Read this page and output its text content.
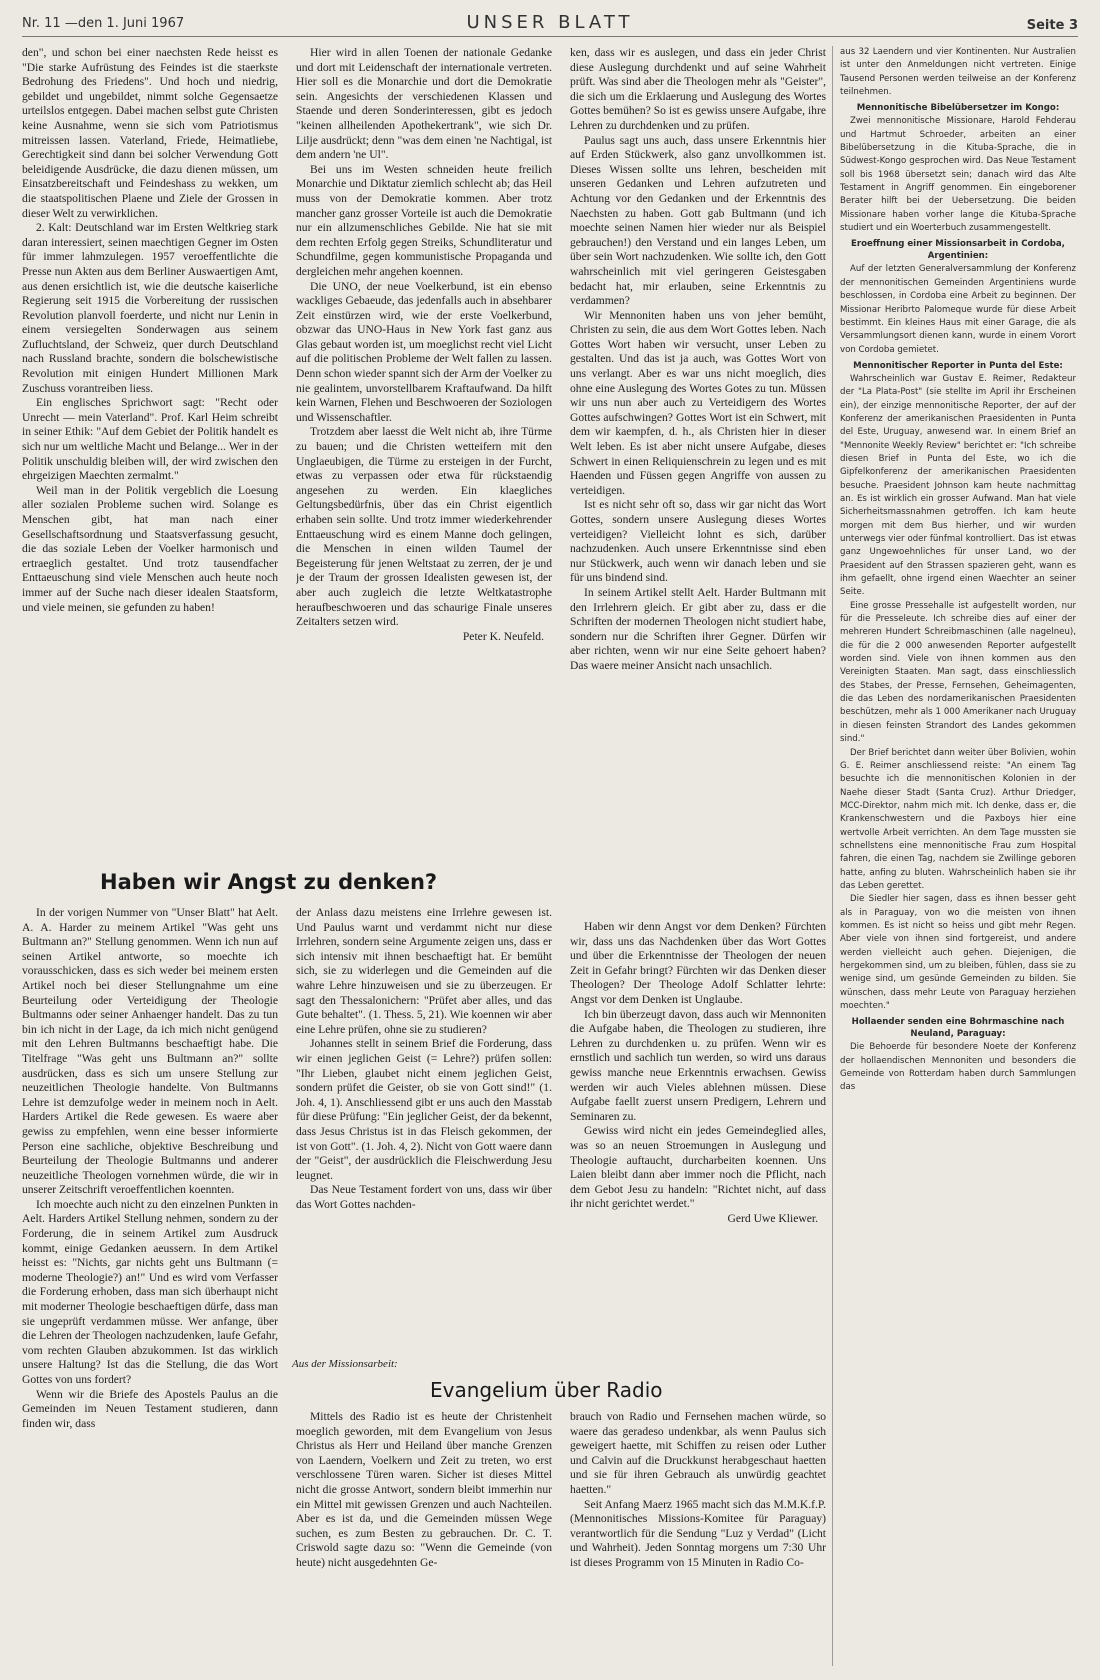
Nr. 11 —den 1. Juni 1967	UNSER BLATT	Seite 3

den", und schon bei einer naechsten Rede heisst es "Die starke Aufrüstung des Feindes ist die staerkste Bedrohung des Friedens". Und hoch und niedrig, gebildet und ungebildet, nimmt solche Gegensaetze urteilslos entgegen. Dabei machen selbst gute Christen keine Ausnahme, wenn sie sich vom Patriotismus mitreissen lassen. Vaterland, Friede, Heimatliebe, Gerechtigkeit sind dann bei solcher Verwendung Gott beleidigende Ausdrücke, die dazu dienen müssen, um Einsatzbereitschaft und Feindeshass zu wekken, um die staatspolitischen Plaene und Ziele der Grossen in dieser Welt zu verwirklichen.

2. Kalt: Deutschland war im Ersten Weltkrieg stark daran interessiert, seinen maechtigen Gegner im Osten für immer lahmzulegen. 1957 veroeffentlichte die Presse nun Akten aus dem Berliner Auswaertigen Amt, aus denen ersichtlich ist, wie die deutsche kaiserliche Regierung seit 1915 die Vorbereitung der russischen Revolution planvoll foerderte, und nicht nur Lenin in einem versiegelten Sonderwagen aus seinem Zufluchtsland, der Schweiz, quer durch Deutschland nach Russland brachte, sondern die bolschewistische Revolution mit einigen Hundert Millionen Mark Zuschuss vorantreiben liess.

Ein englisches Sprichwort sagt: "Recht oder Unrecht — mein Vaterland". Prof. Karl Heim schreibt in seiner Ethik: "Auf dem Gebiet der Politik handelt es sich nur um weltliche Macht und Belange... Wer in der Politik unschuldig bleiben will, der wird zwischen den ehrgeizigen Maechten zermalmt."

Weil man in der Politik vergeblich die Loesung aller sozialen Probleme suchen wird. Solange es Menschen gibt, hat man nach einer Gesellschaftsordnung und Staatsverfassung gesucht, die das soziale Leben der Voelker harmonisch und ertraeglich gestaltet. Und trotz tausendfacher Enttaeuschung sind viele Menschen auch heute noch immer auf der Suche nach dieser idealen Staatsform, und viele meinen, sie gefunden zu haben!

Hier wird in allen Toenen der nationale Gedanke und dort mit Leidenschaft der internationale vertreten. Hier soll es die Monarchie und dort die Demokratie sein. Angesichts der verschiedenen Klassen und Staende und deren Sonderinteressen, gibt es jedoch "keinen allheilenden Apothekertrank", wie sich Dr. Lilje ausdrückt; denn "was dem einen 'ne Nachtigal, ist dem andern 'ne Ul".

Bei uns im Westen schneiden heute freilich Monarchie und Diktatur ziemlich schlecht ab; das Heil muss von der Demokratie kommen. Aber trotz mancher ganz grosser Vorteile ist auch die Demokratie nur ein allzumenschliches Gebilde. Nie hat sie mit dem rechten Erfolg gegen Streiks, Schundliteratur und Schundfilme, gegen kommunistische Propaganda und dergleichen mehr angehen koennen.

Die UNO, der neue Voelkerbund, ist ein ebenso wackliges Gebaeude, das jedenfalls auch in absehbarer Zeit einstürzen wird, wie der erste Voelkerbund, obzwar das UNO-Haus in New York fast ganz aus Glas gebaut worden ist, um moeglichst recht viel Licht auf die politischen Probleme der Welt fallen zu lassen. Denn schon wieder spannt sich der Arm der Voelker zu nie gealintem, unvorstellbarem Kraftaufwand. Da hilft kein Warnen, Flehen und Beschwoeren der Soziologen und Wissenschaftler.

Trotzdem aber laesst die Welt nicht ab, ihre Türme zu bauen; und die Christen wetteifern mit den Unglaeubigen, die Türme zu ersteigen in der Furcht, etwas zu verpassen oder etwa für rückstaendig angesehen zu werden. Ein klaegliches Geltungsbedürfnis, über das ein Christ eigentlich erhaben sein sollte. Und trotz immer wiederkehrender Enttaeuschung wird es einem Manne doch gelingen, die Menschen in einen wilden Taumel der Begeisterung für jenen Weltstaat zu zerren, der je und je der Traum der grossen Idealisten gewesen ist, der aber auch zugleich die letzte Weltkatastrophe heraufbeschwoeren und das schaurige Finale unseres Zeitalters setzen wird.

Peter K. Neufeld.

ken, dass wir es auslegen, und dass ein jeder Christ diese Auslegung durchdenkt und auf seine Wahrheit prüft. Was sind aber die Theologen mehr als "Geister", die sich um die Erklaerung und Auslegung des Wortes Gottes bemühen? So ist es gewiss unsere Aufgabe, ihre Lehren zu durchdenken und zu prüfen.

Paulus sagt uns auch, dass unsere Erkenntnis hier auf Erden Stückwerk, also ganz unvollkommen ist. Dieses Wissen sollte uns lehren, bescheiden mit unseren Gedanken und Lehren aufzutreten und Achtung vor den Gedanken und der Erkenntnis des Naechsten zu haben. Gott gab Bultmann (und ich moechte seinen Namen hier wieder nur als Beispiel gebrauchen!) den Verstand und ein langes Leben, um über sein Wort nachzudenken. Wie sollte ich, den Gott wahrscheinlich mit viel geringeren Geistesgaben bedacht hat, mir erlauben, seine Erkenntnis zu verdammen?

Wir Mennoniten haben uns von jeher bemüht, Christen zu sein, die aus dem Wort Gottes leben. Nach Gottes Wort haben wir versucht, unser Leben zu gestalten. Und das ist ja auch, was Gottes Wort von uns verlangt. Aber es war uns nicht moeglich, dies ohne eine Auslegung des Wortes Gotes zu tun. Müssen wir uns nun aber auch zu Verteidigern des Wortes Gottes aufschwingen? Gottes Wort ist ein Schwert, mit dem wir kaempfen, d. h., als Christen hier in dieser Welt leben. Es ist aber nicht unsere Aufgabe, dieses Schwert in einen Reliquienschrein zu legen und es mit Haenden und Füssen gegen Angriffe von aussen zu verteidigen.

Ist es nicht sehr oft so, dass wir gar nicht das Wort Gottes, sondern unsere Auslegung dieses Wortes verteidigen? Vielleicht lohnt es sich, darüber nachzudenken. Auch unsere Erkenntnisse sind eben nur Stückwerk, auch wenn wir danach leben und sie für uns bindend sind.

In seinem Artikel stellt Aelt. Harder Bultmann mit den Irrlehrern gleich. Er gibt aber zu, dass er die Schriften der modernen Theologen nicht studiert habe, sondern nur die Schriften ihrer Gegner. Dürfen wir aber richten, wenn wir nur eine Seite gehoert haben? Das waere meiner Ansicht nach unsachlich.

Haben wir Angst zu denken?

In der vorigen Nummer von "Unser Blatt" hat Aelt. A. A. Harder zu meinem Artikel "Was geht uns Bultmann an?" Stellung genommen. Wenn ich nun auf seinen Artikel antworte, so moechte ich vorausschicken, dass es sich weder bei meinem ersten Artikel noch bei dieser Stellungnahme um eine Beurteilung oder Verteidigung der Theologie Bultmanns oder seiner Anhaenger handelt. Das zu tun bin ich nicht in der Lage, da ich mich nicht genügend mit den Lehren Bultmanns beschaeftigt habe. Die Titelfrage "Was geht uns Bultmann an?" sollte ausdrücken, dass es sich um unsere Stellung zur neuzeitlichen Theologie handelte. Von Bultmanns Lehre ist demzufolge weder in meinem noch in Aelt. Harders Artikel die Rede gewesen. Es waere aber gewiss zu empfehlen, wenn eine besser informierte Person eine sachliche, objektive Beschreibung und Beurteilung der Theologie Bultmanns und anderer neuzeitliche Theologen vornehmen würde, die wir in unserer Zeitschrift veroeffentlichen koennten.

Ich moechte auch nicht zu den einzelnen Punkten in Aelt. Harders Artikel Stellung nehmen, sondern zu der Forderung, die in seinem Artikel zum Ausdruck kommt, einige Gedanken aeussern. In dem Artikel heisst es: "Nichts, gar nichts geht uns Bultmann (= moderne Theologie?) an!" Und es wird vom Verfasser die Forderung erhoben, dass man sich überhaupt nicht mit moderner Theologie beschaeftigen dürfe, dass man sie ungeprüft verdammen müsse. Wer anfange, über die Lehren der Theologen nachzudenken, laufe Gefahr, vom rechten Glauben abzukommen. Ist das wirklich unsere Haltung? Ist das die Stellung, die das Wort Gottes von uns fordert?

Wenn wir die Briefe des Apostels Paulus an die Gemeinden im Neuen Testament studieren, dann finden wir, dass

der Anlass dazu meistens eine Irrlehre gewesen ist. Und Paulus warnt und verdammt nicht nur diese Irrlehren, sondern seine Argumente zeigen uns, dass er sich intensiv mit ihnen beschaeftigt hat. Er bemüht sich, sie zu widerlegen und die Gemeinden auf die wahre Lehre hinzuweisen und sie zu überzeugen. Er sagt den Thessalonichern: "Prüfet aber alles, und das Gute behaltet". (1. Thess. 5, 21). Wie koennen wir aber eine Lehre prüfen, ohne sie zu studieren?

Johannes stellt in seinem Brief die Forderung, dass wir einen jeglichen Geist (= Lehre?) prüfen sollen: "Ihr Lieben, glaubet nicht einem jeglichen Geist, sondern prüfet die Geister, ob sie von Gott sind!" (1. Joh. 4, 1). Anschliessend gibt er uns auch den Masstab für diese Prüfung: "Ein jeglicher Geist, der da bekennt, dass Jesus Christus ist in das Fleisch gekommen, der ist von Gott". (1. Joh. 4, 2). Nicht von Gott waere dann der "Geist", der ausdrücklich die Fleischwerdung Jesu leugnet.

Das Neue Testament fordert von uns, dass wir über das Wort Gottes nachden-

Haben wir denn Angst vor dem Denken? Fürchten wir, dass uns das Nachdenken über das Wort Gottes und über die Erkenntnisse der Theologen der neuen Zeit in Gefahr bringt? Fürchten wir das Denken dieser Theologen? Der Theologe Adolf Schlatter lehrte: Angst vor dem Denken ist Unglaube.

Ich bin überzeugt davon, dass auch wir Mennoniten die Aufgabe haben, die Theologen zu studieren, ihre Lehren zu durchdenken u. zu prüfen. Wenn wir es ernstlich und sachlich tun werden, so wird uns daraus gewiss manche neue Erkenntnis erwachsen. Gewiss werden wir auch Vieles ablehnen müssen. Diese Aufgabe faellt zuerst unsern Predigern, Lehrern und Seminaren zu.

Gewiss wird nicht ein jedes Gemeindeglied alles, was so an neuen Stroemungen in Auslegung und Theologie auftaucht, durcharbeiten koennen. Uns Laien bleibt dann aber immer noch die Pflicht, nach dem Gebot Jesu zu handeln: "Richtet nicht, auf dass ihr nicht gerichtet werdet."

Gerd Uwe Kliewer.

Aus der Missionsarbeit:
Evangelium über Radio

Mittels des Radio ist es heute der Christenheit moeglich geworden, mit dem Evangelium von Jesus Christus als Herr und Heiland über manche Grenzen von Laendern, Voelkern und Zeit zu treten, wo erst verschlossene Türen waren. Sicher ist dieses Mittel nicht die grosse Antwort, sondern bleibt immerhin nur ein Mittel mit gewissen Grenzen und auch Nachteilen. Aber es ist da, und die Gemeinden müssen Wege suchen, es zum Besten zu gebrauchen. Dr. C. T. Criswold sagte dazu so: "Wenn die Gemeinde (von heute) nicht ausgedehnten Ge-

brauch von Radio und Fernsehen machen würde, so waere das geradeso undenkbar, als wenn Paulus sich geweigert haette, mit Schiffen zu reisen oder Luther und Calvin auf die Druckkunst herabgeschaut haetten und sie für ihren Gebrauch als unwürdig geachtet haetten."

Seit Anfang Maerz 1965 macht sich das M.M.K.f.P. (Mennonitisches Missions-Komitee für Paraguay) verantwortlich für die Sendung "Luz y Verdad" (Licht und Wahrheit). Jeden Sonntag morgens um 7:30 Uhr ist dieses Programm von 15 Minuten in Radio Co-

aus 32 Laendern und vier Kontinenten. Nur Australien ist unter den Anmeldungen nicht vertreten. Einige Tausend Personen werden teilweise an der Konferenz teilnehmen.

Mennonitische Bibelübersetzer im Kongo:

Zwei mennonitische Missionare, Harold Fehderau und Hartmut Schroeder, arbeiten an einer Bibelübersetzung in die Kituba-Sprache, die in Südwest-Kongo gesprochen wird. Das Neue Testament soll bis 1968 übersetzt sein; danach wird das Alte Testament in Angriff genommen. Ein eingeborener Berater hilft bei der Uebersetzung. Die beiden Missionare haben vorher lange die Kituba-Sprache studiert und ein Woerterbuch zusammengestellt.

Eroeffnung einer Missionsarbeit in Cordoba, Argentinien:

Auf der letzten Generalversammlung der Konferenz der mennonitischen Gemeinden Argentiniens wurde beschlossen, in Cordoba eine Arbeit zu beginnen. Der Missionar Heribrto Palomeque wurde für diese Arbeit bestimmt. Ein kleines Haus mit einer Garage, die als Versammlungsort dienen kann, wurde in einem Vorort von Cordoba gemietet.

Mennonitischer Reporter in Punta del Este:

Wahrscheinlich war Gustav E. Reimer, Redakteur der "La Plata-Post" (sie stellte im April ihr Erscheinen ein), der einzige mennonitische Reporter, der auf der Konferenz der amerikanischen Praesidenten in Punta del Este, Uruguay, anwesend war. In einem Brief an "Mennonite Weekly Review" berichtet er: "Ich schreibe diesen Brief in Punta del Este, wo ich die Gipfelkonferenz der amerikanischen Praesidenten besuche. Praesident Johnson kam heute nachmittag an. Es ist wirklich ein grosser Aufwand. Man hat viele Sicherheitsmassnahmen getroffen. Ich kam heute morgen mit dem Bus hierher, und wir wurden unterwegs vier oder fünfmal kontrolliert. Das ist etwas ganz Ungewoehnliches für unser Land, wo der Praesident auf den Strassen spazieren geht, wann es ihm gefaellt, ohne irgend einen Waechter an seiner Seite.

Eine grosse Pressehalle ist aufgestellt worden, nur für die Presseleute. Ich schreibe dies auf einer der mehreren Hundert Schreibmaschinen (alle nagelneu), die für die 2 000 anwesenden Reporter aufgestellt worden sind. Viele von ihnen kommen aus den Vereinigten Staaten. Man sagt, dass einschliesslich des Stabes, der Presse, Fernsehen, Geheimagenten, die das Leben des nordamerikanischen Praesidenten beschützen, mehr als 1 000 Amerikaner nach Uruguay in diesen feinsten Strandort des Landes gekommen sind."

Der Brief berichtet dann weiter über Bolivien, wohin G. E. Reimer anschliessend reiste: "An einem Tag besuchte ich die mennonitischen Kolonien in der Naehe dieser Stadt (Santa Cruz). Arthur Driedger, MCC-Direktor, nahm mich mit. Ich denke, dass er, die Krankenschwestern und die Paxboys hier eine wertvolle Arbeit verrichten. An dem Tage mussten sie schnellstens eine mennonitische Frau zum Hospital fahren, die einen Tag, nachdem sie Zwillinge geboren hatte, anfing zu bluten. Wahrscheinlich haben sie ihr das Leben gerettet.

Die Siedler hier sagen, dass es ihnen besser geht als in Paraguay, von wo die meisten von ihnen kommen. Es ist nicht so heiss und gibt mehr Regen. Aber viele von ihnen sind fortgereist, und andere werden vielleicht auch gehen. Diejenigen, die hergekommen sind, um zu bleiben, fühlen, dass sie zu wenige sind, um gesünde Gemeinden zu bilden. Sie wünschen, dass mehr Leute von Paraguay herziehen moechten."

Hollaender senden eine Bohrmaschine nach Neuland, Paraguay:

Die Behoerde für besondere Noete der Konferenz der hollaendischen Mennoniten und besonders die Gemeinde von Rotterdam haben durch Sammlungen das
